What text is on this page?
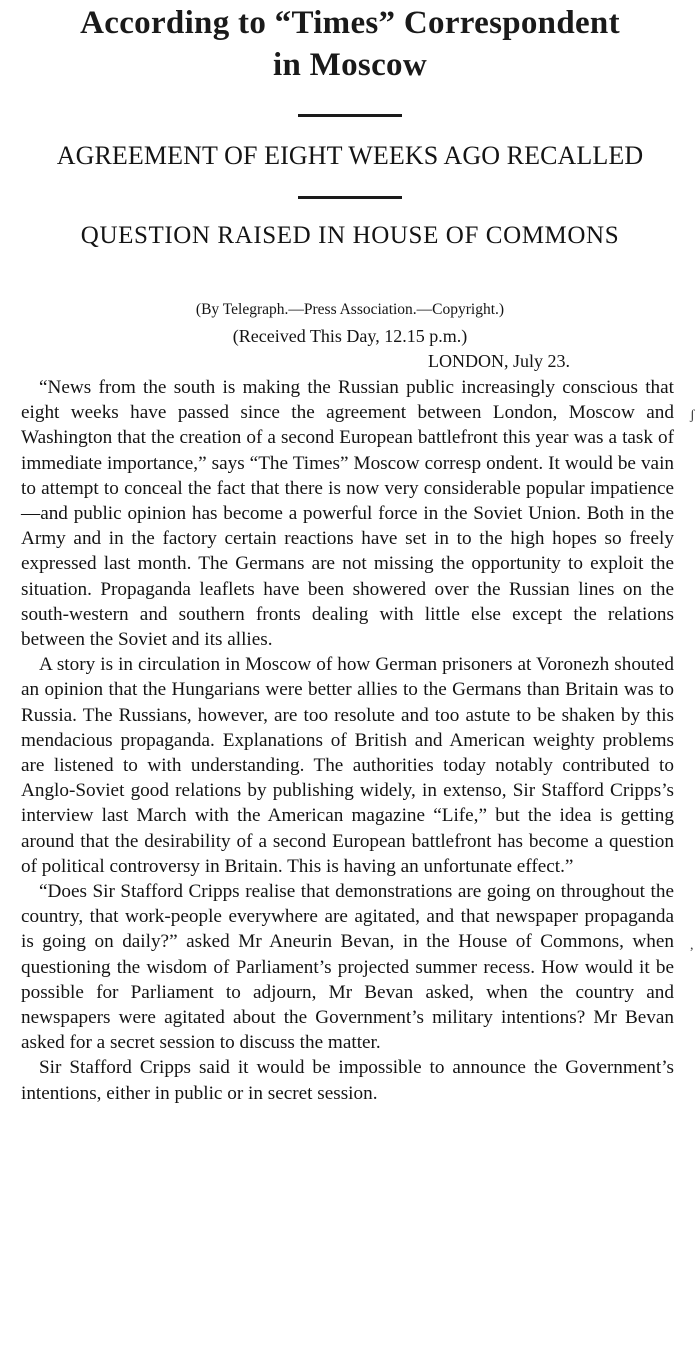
According to “Times” Correspondent
in Moscow
AGREEMENT OF EIGHT WEEKS AGO RECALLED
QUESTION RAISED IN HOUSE OF COMMONS
(By Telegraph.—Press Association.—Copyright.)
(Received This Day, 12.15 p.m.)
LONDON, July 23.

“News from the south is making the Russian public increasingly conscious that eight weeks have passed since the agreement between London, Moscow and Washington that the creation of a second European battlefront this year was a task of immediate importance,” says “The Times” Moscow corresp ondent. It would be vain to attempt to conceal the fact that there is now very considerable popular impatience—and public opinion has become a powerful force in the Soviet Union. Both in the Army and in the factory certain reactions have set in to the high hopes so freely expressed last month. The Germans are not missing the opportunity to exploit the situation. Propaganda leaflets have been showered over the Russian lines on the south-western and southern fronts dealing with little else except the relations between the Soviet and its allies.

A story is in circulation in Moscow of how German prisoners at Voronezh shouted an opinion that the Hungarians were better allies to the Germans than Britain was to Russia. The Russians, however, are too resolute and too astute to be shaken by this mendacious propaganda. Explanations of British and American weighty problems are listened to with understanding. The authorities today notably contributed to Anglo-Soviet good relations by publishing widely, in extenso, Sir Stafford Cripps’s interview last March with the American magazine “Life,” but the idea is getting around that the desirability of a second European battlefront has become a question of political controversy in Britain. This is having an unfortunate effect.”

“Does Sir Stafford Cripps realise that demonstrations are going on throughout the country, that work-people everywhere are agitated, and that newspaper propaganda is going on daily?” asked Mr Aneurin Bevan, in the House of Commons, when questioning the wisdom of Parliament’s projected summer recess. How would it be possible for Parliament to adjourn, Mr Bevan asked, when the country and newspapers were agitated about the Government’s military intentions? Mr Bevan asked for a secret session to discuss the matter.

Sir Stafford Cripps said it would be impossible to announce the Government’s intentions, either in public or in secret session.

ʃ
,
